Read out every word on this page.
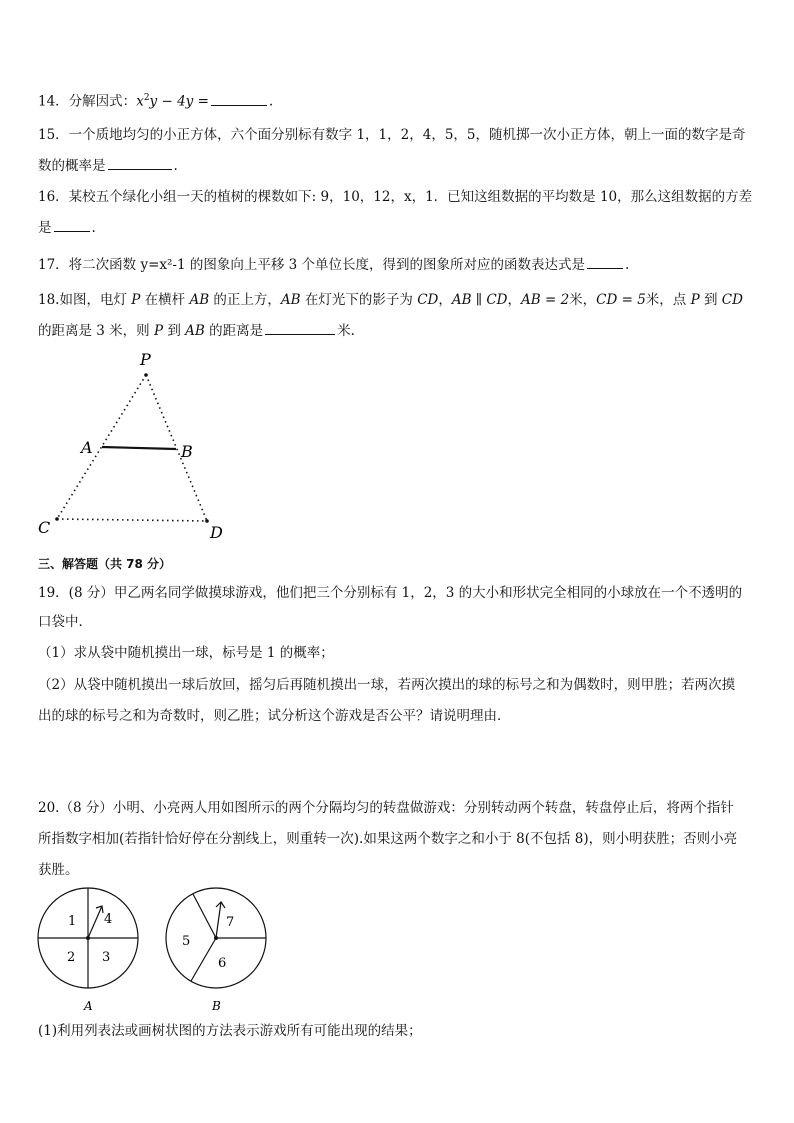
14．分解因式：$x^2y - 4y$ =	.
15．一个质地均匀的小正方体，六个面分别标有数字 1，1，2，4，5，5，随机掷一次小正方体，朝上一面的数字是奇
数的概率是	.
16．某校五个绿化小组一天的植树的棵数如下: 9，10，12，x，1．已知这组数据的平均数是 10，那么这组数据的方差
是	.
17．将二次函数 y=x²-1 的图象向上平移 3 个单位长度，得到的图象所对应的函数表达式是	.
18.如图，电灯 P 在横杆 AB 的正上方，AB 在灯光下的影子为 CD，AB ∥ CD，AB = 2米，CD = 5米，点 P 到 CD
的距离是 3 米，则 P 到 AB 的距离是	米.
P
A	B
C	D
三、解答题（共 78 分）
19．(8 分）甲乙两名同学做摸球游戏，他们把三个分别标有 1，2，3 的大小和形状完全相同的小球放在一个不透明的
口袋中．
（1）求从袋中随机摸出一球，标号是 1 的概率；
（2）从袋中随机摸出一球后放回，摇匀后再随机摸出一球，若两次摸出的球的标号之和为偶数时，则甲胜；若两次摸
出的球的标号之和为奇数时，则乙胜；试分析这个游戏是否公平？请说明理由．
20.（8 分）小明、小亮两人用如图所示的两个分隔均匀的转盘做游戏：分别转动两个转盘，转盘停止后，将两个指针
所指数字相加(若指针恰好停在分割线上，则重转一次).如果这两个数字之和小于 8(不包括 8)，则小明获胜；否则小亮
获胜。
1 4
2 3
A
7
5
6
B
(1)利用列表法或画树状图的方法表示游戏所有可能出现的结果；
